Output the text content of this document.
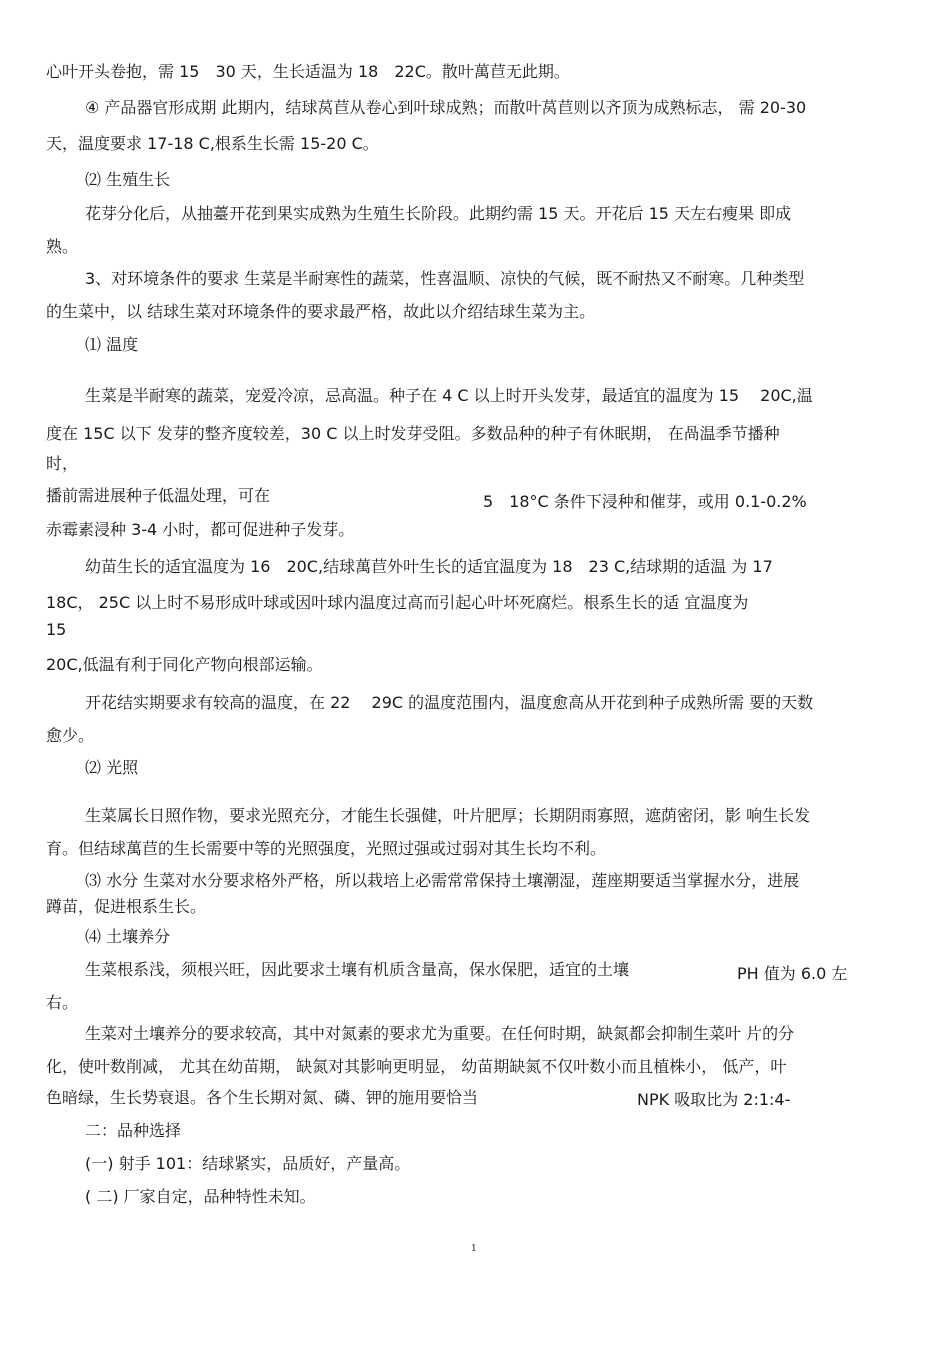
心叶开头卷抱，需 15　30 天，生长适温为 18　22C。散叶萬苣无此期。
④ 产品器官形成期 此期内，结球莴苣从卷心到叶球成熟；而散叶莴苣则以齐顶为成熟标志， 需 20-30
天，温度要求 17-18 C,根系生长需 15-20 C。
⑵ 生殖生长
花芽分化后，从抽薹开花到果实成熟为生殖生长阶段。此期约需 15 天。开花后 15 天左右瘦果 即成
熟。
3、对环境条件的要求 生菜是半耐寒性的蔬菜，性喜温顺、凉快的气候，既不耐热又不耐寒。几种类型
的生菜中，以 结球生菜对环境条件的要求最严格，故此以介绍结球生菜为主。
⑴ 温度
生菜是半耐寒的蔬菜，宠爱冷凉，忌高温。种子在 4 C 以上时开头发芽，最适宜的温度为 15　 20C,温
度在 15C 以下 发芽的整齐度较差，30 C 以上时发芽受阻。多数品种的种子有休眠期， 在咼温季节播种
时，
播前需进展种子低温处理，可在	5　18°C 条件下浸种和催芽，或用 0.1-0.2%
赤霉素浸种 3-4 小时，都可促进种子发芽。
幼苗生长的适宜温度为 16　20C,结球萬苣外叶生长的适宜温度为 18　23 C,结球期的适温 为 17
18C， 25C 以上时不易形成叶球或因叶球内温度过高而引起心叶坏死腐烂。根系生长的适 宜温度为
15
20C,低温有利于同化产物向根部运输。
开花结实期要求有较高的温度，在 22　 29C 的温度范围内，温度愈高从开花到种子成熟所需 要的天数
愈少。
⑵ 光照
生菜属长日照作物，要求光照充分，才能生长强健，叶片肥厚；长期阴雨寡照，遮荫密闭，影 响生长发
育。但结球萬苣的生长需要中等的光照强度，光照过强或过弱对其生长均不利。
⑶ 水分 生菜对水分要求格外严格，所以栽培上必需常常保持土壤潮湿，莲座期要适当掌握水分，进展
蹲苗，促进根系生长。
⑷ 土壤养分
生菜根系浅，须根兴旺，因此要求土壤有机质含量高，保水保肥，适宜的土壤	PH 值为 6.0 左
右。
生菜对土壤养分的要求较高，其中对氮素的要求尤为重要。在任何时期，缺氮都会抑制生菜叶 片的分
化，使叶数削减， 尤其在幼苗期， 缺氮对其影响更明显， 幼苗期缺氮不仅叶数小而且植株小， 低产，叶
色暗绿，生长势衰退。各个生长期对氮、磷、钾的施用要恰当	NPK 吸取比为 2:1:4-
二：品种选择
(一) 射手 101：结球紧实，品质好，产量高。
( 二) 厂家自定，品种特性未知。
1
